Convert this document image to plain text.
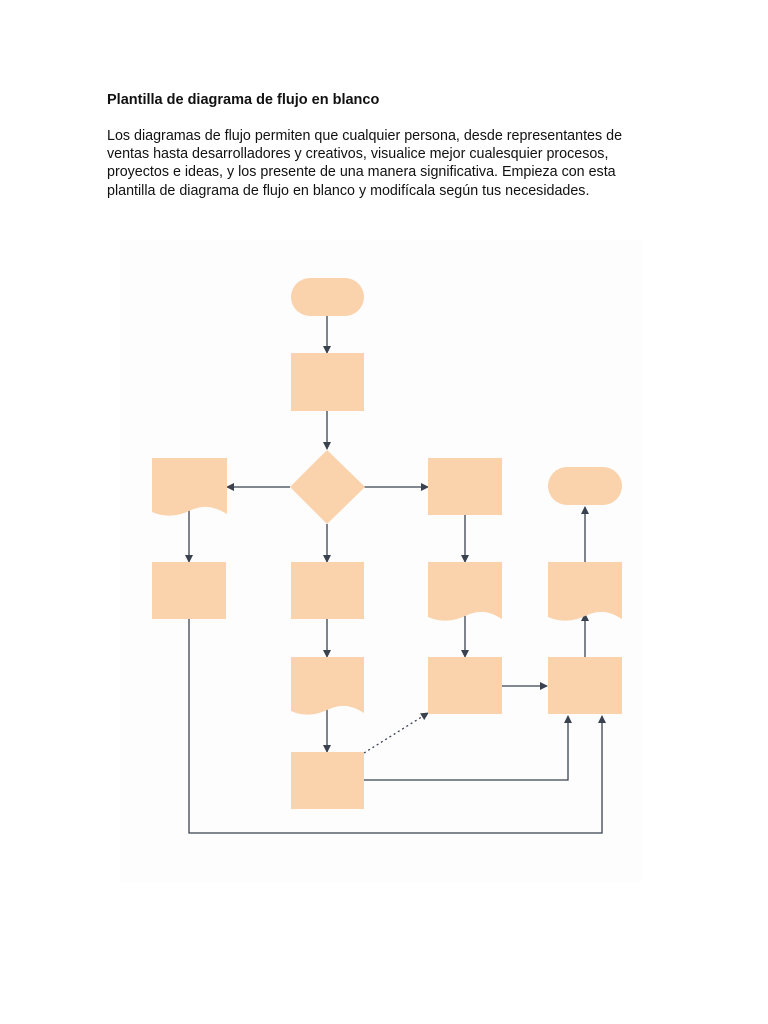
Plantilla de diagrama de flujo en blanco

Los diagramas de flujo permiten que cualquier persona, desde representantes de
ventas hasta desarrolladores y creativos, visualice mejor cualesquier procesos,
proyectos e ideas, y los presente de una manera significativa. Empieza con esta
plantilla de diagrama de flujo en blanco y modifícala según tus necesidades.
